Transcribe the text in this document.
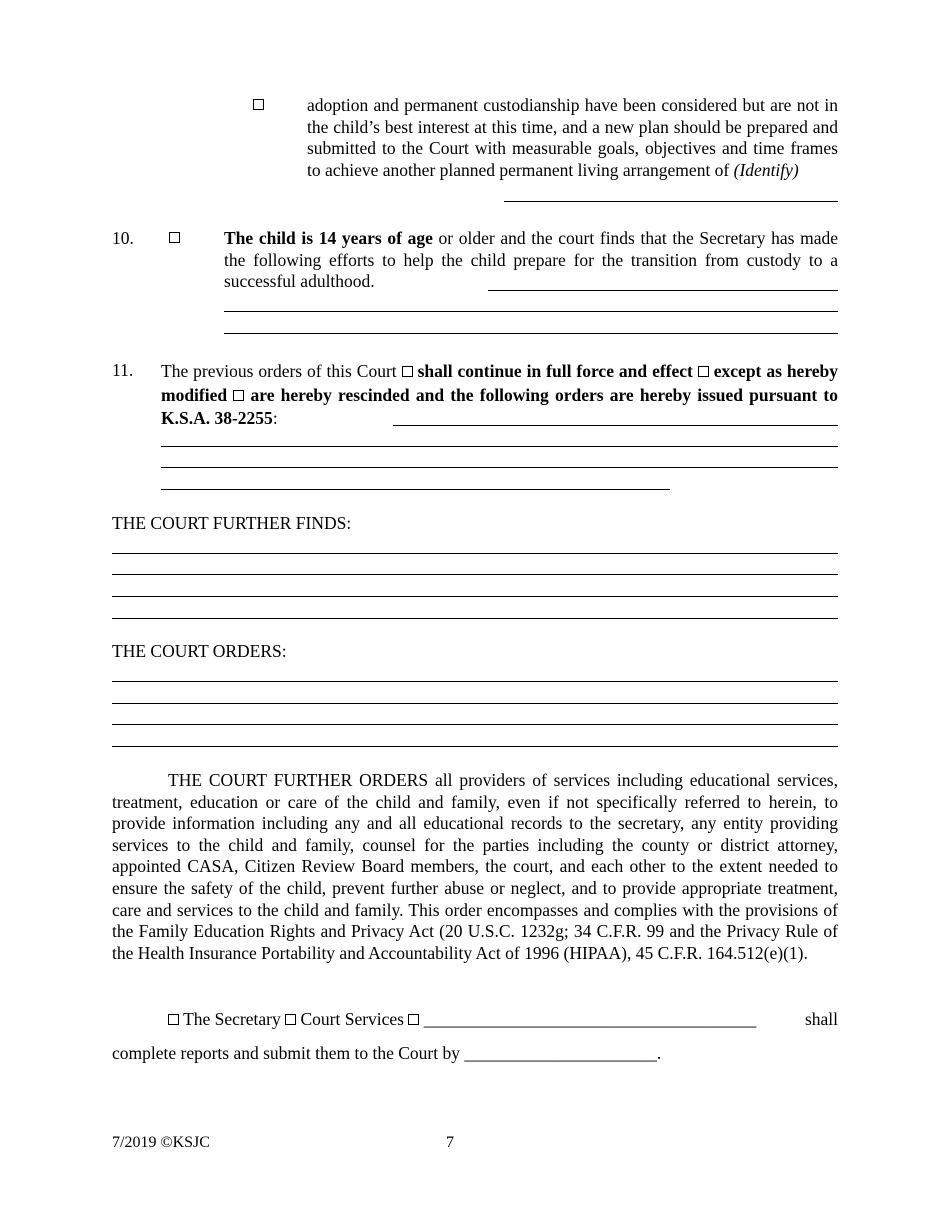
adoption and permanent custodianship have been considered but are not in the child’s best interest at this time, and a new plan should be prepared and submitted to the Court with measurable goals, objectives and time frames to achieve another planned permanent living arrangement of (Identify)
10.	The child is 14 years of age or older and the court finds that the Secretary has made the following efforts to help the child prepare for the transition from custody to a successful adulthood.
11. The previous orders of this Court shall continue in full force and effect except as hereby modified are hereby rescinded and the following orders are hereby issued pursuant to K.S.A. 38-2255:
THE COURT FURTHER FINDS:
THE COURT ORDERS:
THE COURT FURTHER ORDERS all providers of services including educational services, treatment, education or care of the child and family, even if not specifically referred to herein, to provide information including any and all educational records to the secretary, any entity providing services to the child and family, counsel for the parties including the county or district attorney, appointed CASA, Citizen Review Board members, the court, and each other to the extent needed to ensure the safety of the child, prevent further abuse or neglect, and to provide appropriate treatment, care and services to the child and family. This order encompasses and complies with the provisions of the Family Education Rights and Privacy Act (20 U.S.C. 1232g; 34 C.F.R. 99 and the Privacy Rule of the Health Insurance Portability and Accountability Act of 1996 (HIPAA), 45 C.F.R. 164.512(e)(1).
The Secretary Court Services ______________________________________	shall
complete reports and submit them to the Court by ______________________.
7/2019 ©KSJC	7
